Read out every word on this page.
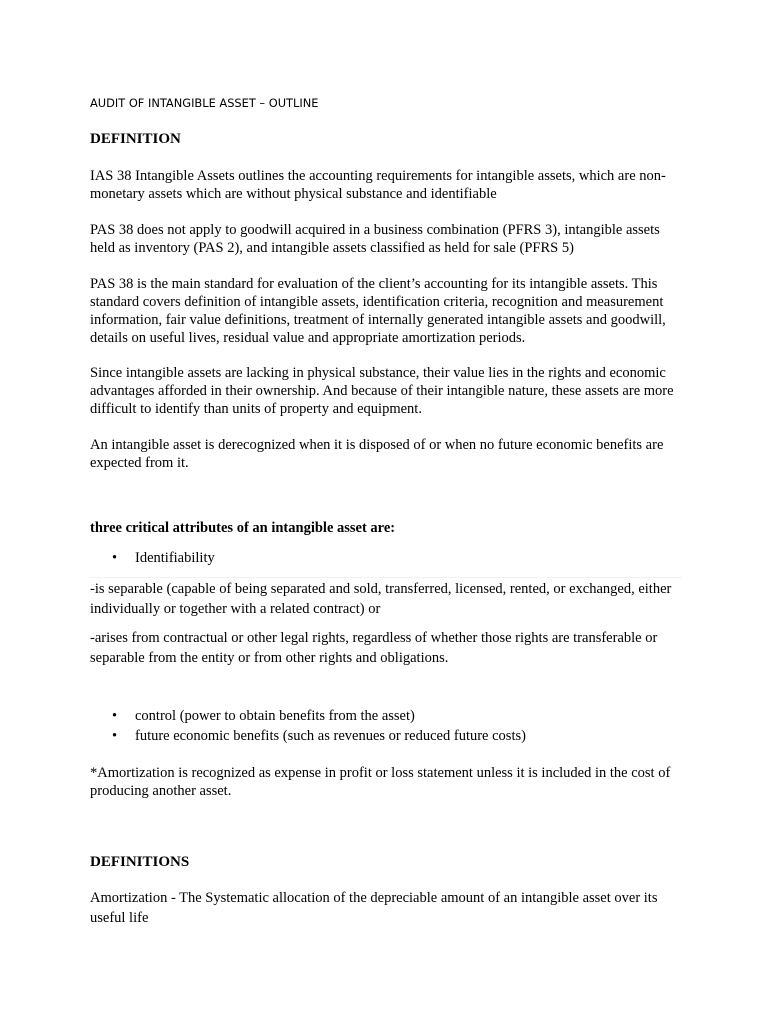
AUDIT OF INTANGIBLE ASSET – OUTLINE
DEFINITION
IAS 38 Intangible Assets outlines the accounting requirements for intangible assets, which are non-monetary assets which are without physical substance and identifiable
PAS 38 does not apply to goodwill acquired in a business combination (PFRS 3), intangible assets held as inventory (PAS 2), and intangible assets classified as held for sale (PFRS 5)
PAS 38 is the main standard for evaluation of the client’s accounting for its intangible assets. This standard covers definition of intangible assets, identification criteria, recognition and measurement information, fair value definitions, treatment of internally generated intangible assets and goodwill, details on useful lives, residual value and appropriate amortization periods.
Since intangible assets are lacking in physical substance, their value lies in the rights and economic advantages afforded in their ownership. And because of their intangible nature, these assets are more difficult to identify than units of property and equipment.
An intangible asset is derecognized when it is disposed of or when no future economic benefits are expected from it.
three critical attributes of an intangible asset are:
• Identifiability
-is separable (capable of being separated and sold, transferred, licensed, rented, or exchanged, either individually or together with a related contract) or
-arises from contractual or other legal rights, regardless of whether those rights are transferable or separable from the entity or from other rights and obligations.
• control (power to obtain benefits from the asset)
• future economic benefits (such as revenues or reduced future costs)
*Amortization is recognized as expense in profit or loss statement unless it is included in the cost of producing another asset.
DEFINITIONS
Amortization - The Systematic allocation of the depreciable amount of an intangible asset over its useful life
